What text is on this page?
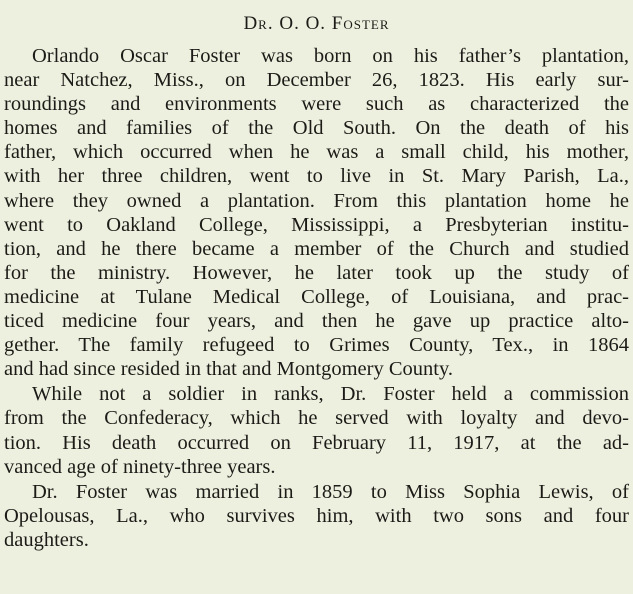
Dr. O. O. Foster
Orlando Oscar Foster was born on his father’s plantation,
near Natchez, Miss., on December 26, 1823. His early sur-
roundings and environments were such as characterized the
homes and families of the Old South. On the death of his
father, which occurred when he was a small child, his mother,
with her three children, went to live in St. Mary Parish, La.,
where they owned a plantation. From this plantation home he
went to Oakland College, Mississippi, a Presbyterian institu-
tion, and he there became a member of the Church and studied
for the ministry. However, he later took up the study of
medicine at Tulane Medical College, of Louisiana, and prac-
ticed medicine four years, and then he gave up practice alto-
gether. The family refugeed to Grimes County, Tex., in 1864
and had since resided in that and Montgomery County.
While not a soldier in ranks, Dr. Foster held a commission
from the Confederacy, which he served with loyalty and devo-
tion. His death occurred on February 11, 1917, at the ad-
vanced age of ninety-three years.
Dr. Foster was married in 1859 to Miss Sophia Lewis, of
Opelousas, La., who survives him, with two sons and four
daughters.
